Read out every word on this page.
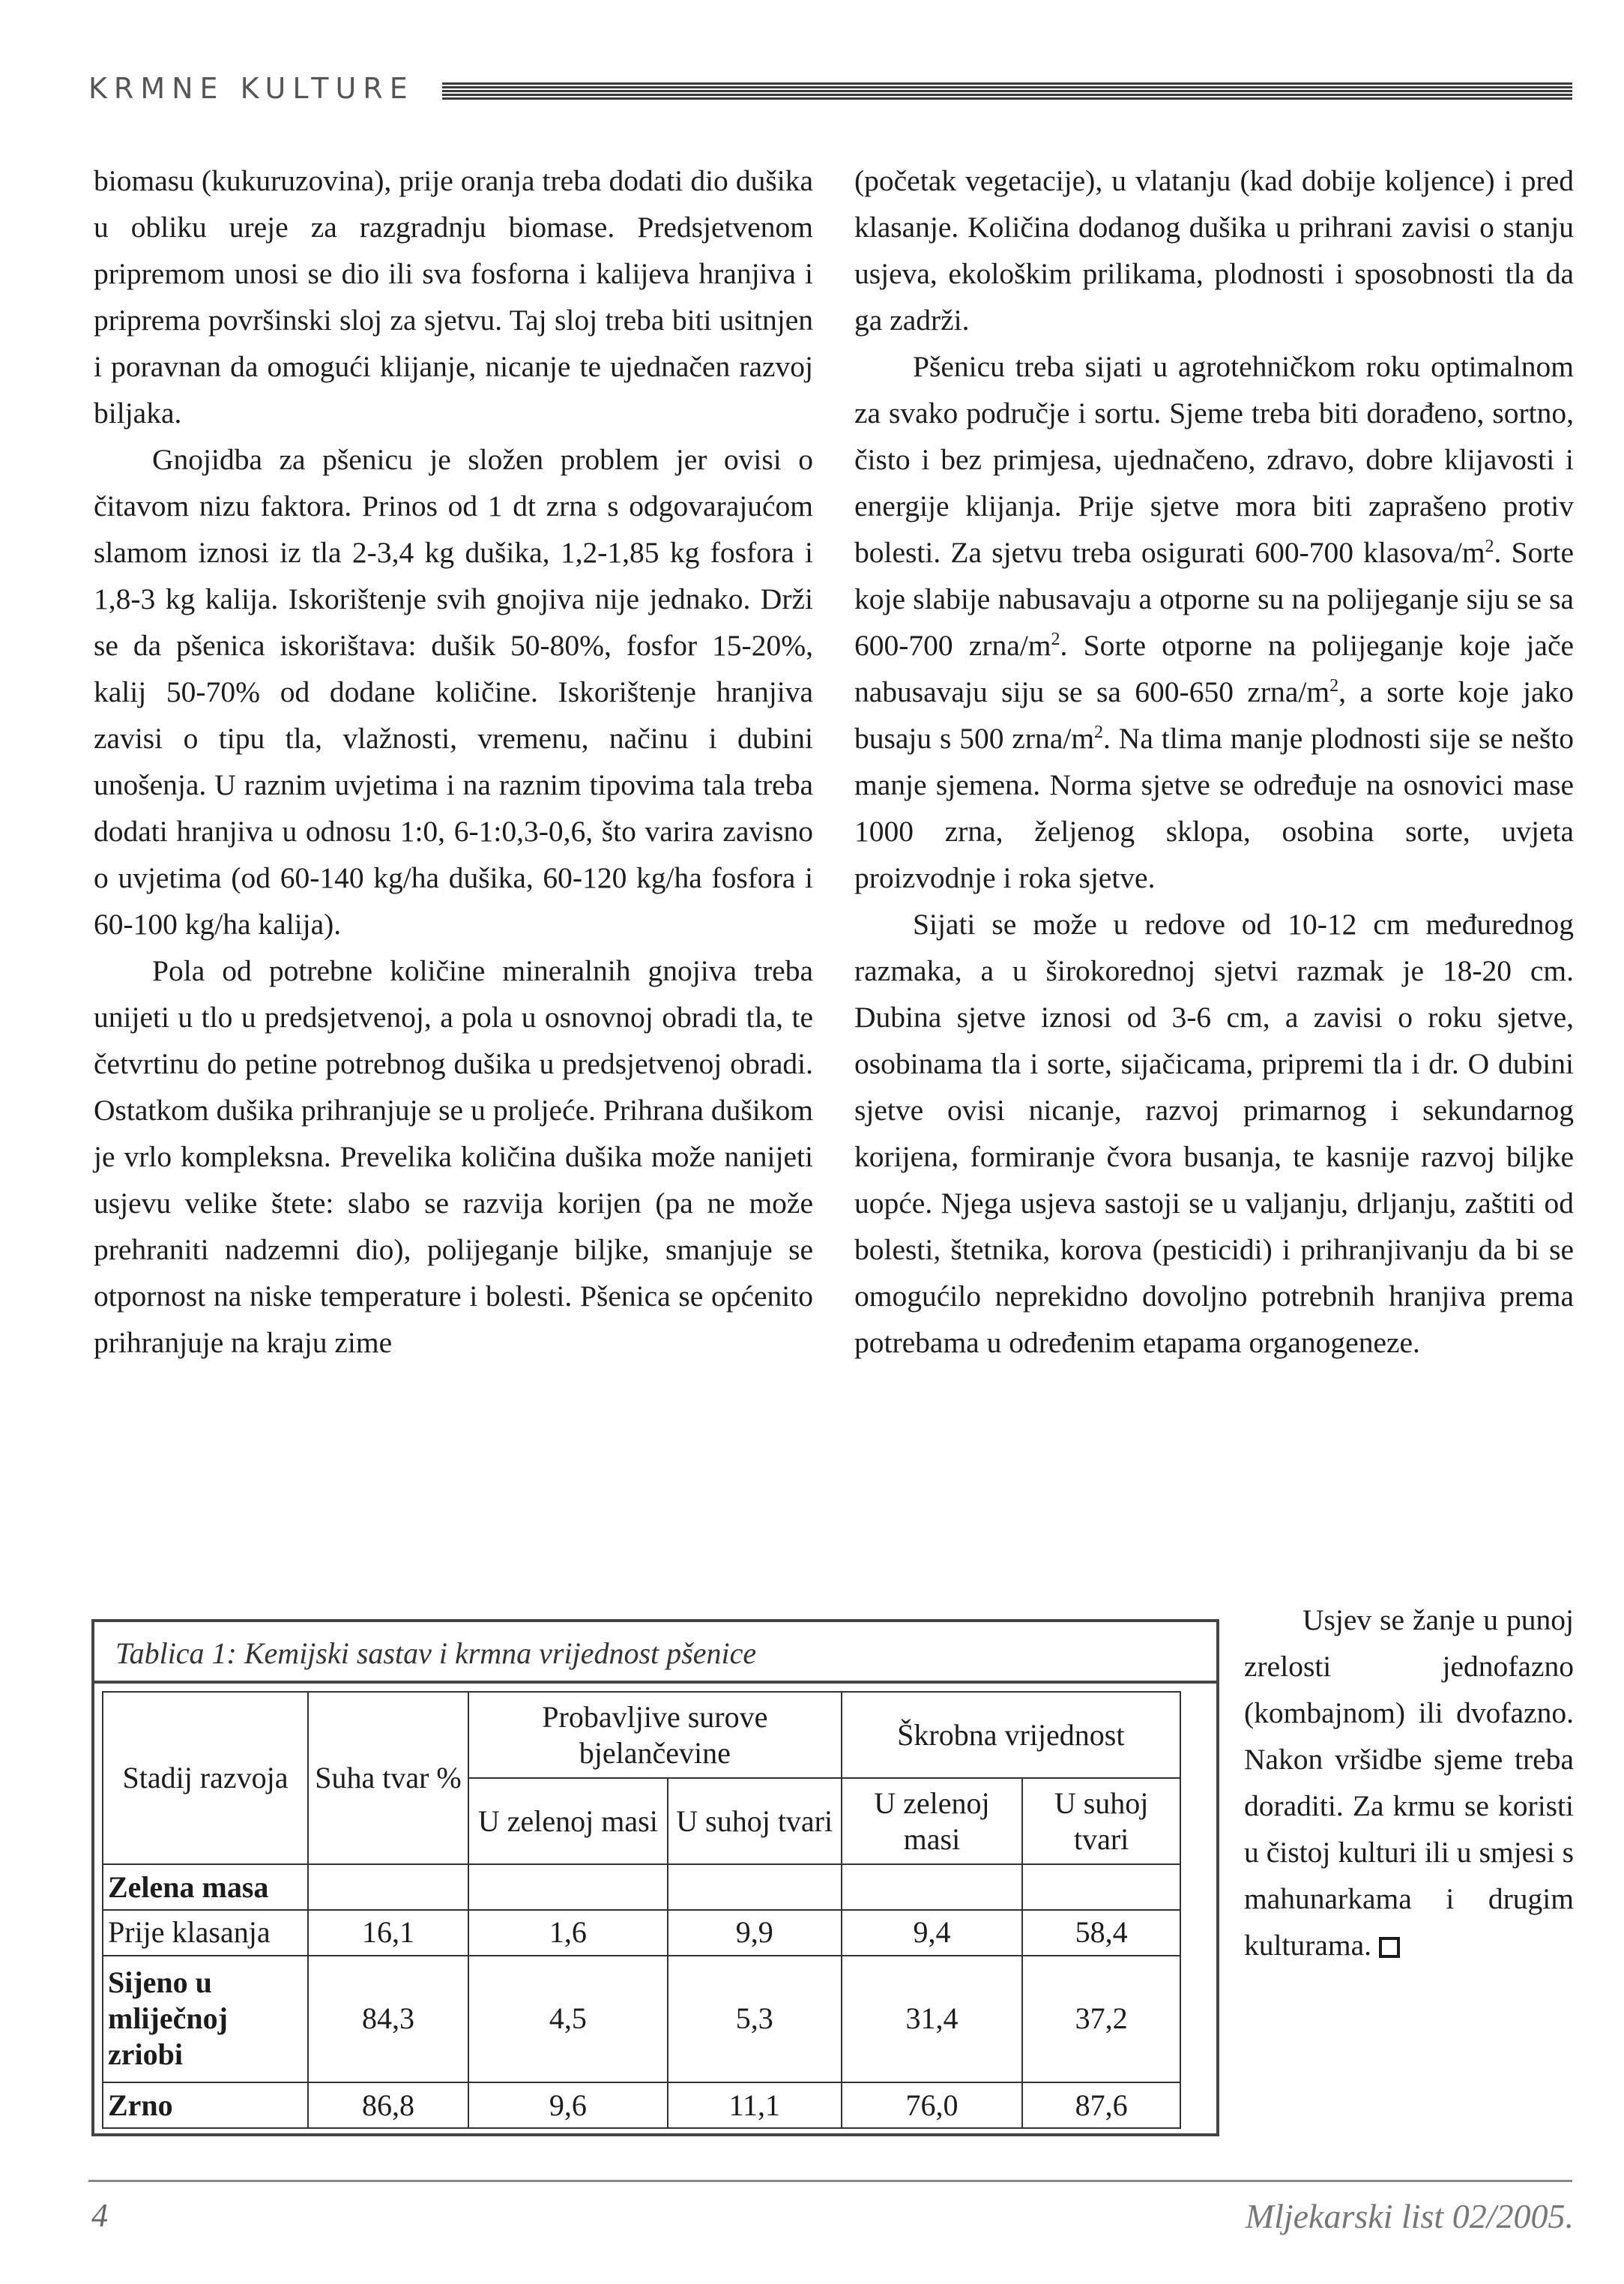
KRMNE KULTURE

biomasu (kukuruzovina), prije oranja treba dodati dio dušika u obliku ureje za razgradnju biomase. Predsjetvenom pripremom unosi se dio ili sva fosforna i kalijeva hranjiva i priprema površinski sloj za sjetvu. Taj sloj treba biti usitnjen i poravnan da omogući klijanje, nicanje te ujednačen razvoj biljaka.

Gnojidba za pšenicu je složen problem jer ovisi o čitavom nizu faktora. Prinos od 1 dt zrna s odgovarajućom slamom iznosi iz tla 2-3,4 kg dušika, 1,2-1,85 kg fosfora i 1,8-3 kg kalija. Iskorištenje svih gnojiva nije jednako. Drži se da pšenica iskorištava: dušik 50-80%, fosfor 15-20%, kalij 50-70% od dodane količine. Iskorištenje hranjiva zavisi o tipu tla, vlažnosti, vremenu, načinu i dubini unošenja. U raznim uvjetima i na raznim tipovima tala treba dodati hranjiva u odnosu 1:0, 6-1:0,3-0,6, što varira zavisno o uvjetima (od 60-140 kg/ha dušika, 60-120 kg/ha fosfora i 60-100 kg/ha kalija).

Pola od potrebne količine mineralnih gnojiva treba unijeti u tlo u predsjetvenoj, a pola u osnovnoj obradi tla, te četvrtinu do petine potrebnog dušika u predsjetvenoj obradi. Ostatkom dušika prihranjuje se u proljeće. Prihrana dušikom je vrlo kompleksna. Prevelika količina dušika može nanijeti usjevu velike štete: slabo se razvija korijen (pa ne može prehraniti nadzemni dio), polijeganje biljke, smanjuje se otpornost na niske temperature i bolesti. Pšenica se općenito prihranjuje na kraju zime

(početak vegetacije), u vlatanju (kad dobije koljence) i pred klasanje. Količina dodanog dušika u prihrani zavisi o stanju usjeva, ekološkim prilikama, plodnosti i sposobnosti tla da ga zadrži.

Pšenicu treba sijati u agrotehničkom roku optimalnom za svako područje i sortu. Sjeme treba biti dorađeno, sortno, čisto i bez primjesa, ujednačeno, zdravo, dobre klijavosti i energije klijanja. Prije sjetve mora biti zaprašeno protiv bolesti. Za sjetvu treba osigurati 600-700 klasova/$m^2$. Sorte koje slabije nabusavaju a otporne su na polijeganje siju se sa 600-700 zrna/$m^2$. Sorte otporne na polijeganje koje jače nabusavaju siju se sa 600-650 zrna/$m^2$, a sorte koje jako busaju s 500 zrna/$m^2$. Na tlima manje plodnosti sije se nešto manje sjemena. Norma sjetve se određuje na osnovici mase 1000 zrna, željenog sklopa, osobina sorte, uvjeta proizvodnje i roka sjetve.

Sijati se može u redove od 10-12 cm međurednog razmaka, a u širokorednoj sjetvi razmak je 18-20 cm. Dubina sjetve iznosi od 3-6 cm, a zavisi o roku sjetve, osobinama tla i sorte, sijačicama, pripremi tla i dr. O dubini sjetve ovisi nicanje, razvoj primarnog i sekundarnog korijena, formiranje čvora busanja, te kasnije razvoj biljke uopće. Njega usjeva sastoji se u valjanju, drljanju, zaštiti od bolesti, štetnika, korova (pesticidi) i prihranjivanju da bi se omogućilo neprekidno dovoljno potrebnih hranjiva prema potrebama u određenim etapama organogeneze.

Usjev se žanje u punoj zrelosti jednofazno (kombajnom) ili dvofazno. Nakon vršidbe sjeme treba doraditi. Za krmu se koristi u čistoj kulturi ili u smjesi s mahunarkama i drugim kulturama.

Tablica 1: Kemijski sastav i krmna vrijednost pšenice
Stadij razvoja	Suha tvar %	Probavljive surove bjelančevine		Škrobna vrijednost	
		U zelenoj masi	U suhoj tvari	U zelenoj masi	U suhoj tvari
Zelena masa					
Prije klasanja	16,1	1,6	9,9	9,4	58,4
Sijeno u mliječnoj zriobi	84,3	4,5	5,3	31,4	37,2
Zrno	86,8	9,6	11,1	76,0	87,6
4	Mljekarski list 02/2005.
